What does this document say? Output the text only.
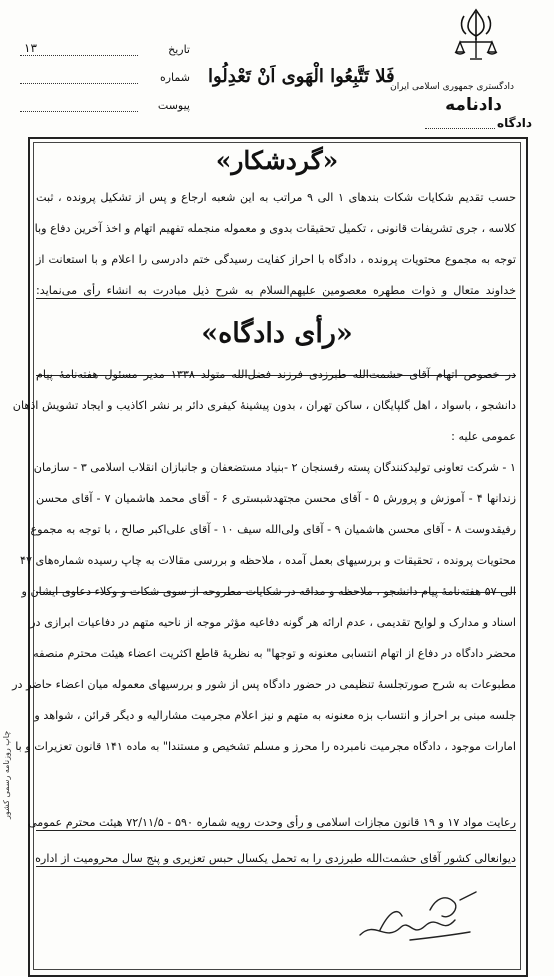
دادگستری جمهوری اسلامی ایران
دادنامه
دادگاه
فَلا تَتَّبِعُوا الْهَوى اَنْ تَعْدِلُوا
تاریخ
۱۳
شماره
پیوست
چاپ روزنامه رسمی کشور
«گردشکار»
حسب تقدیم شکایات شکات بندهای ۱ الی ۹ مراتب به این شعبه ارجاع و پس از تشکیل پرونده ، ثبت
کلاسه ، جری تشریفات قانونی ، تکمیل تحقیقات بدوی و معموله منجمله تفهیم اتهام و اخذ آخرین دفاع وبا
توجه به مجموع محتویات پرونده ، دادگاه با احراز کفایت رسیدگی ختم دادرسی را اعلام و با استعانت از
خداوند متعال و ذوات مطهره معصومین علیهم‌السلام به شرح ذیل مبادرت به انشاء رأی می‌نماید:
«رأی دادگاه»
در خصوص اتهام آقای حشمت‌الله طبرزدی فرزند فضل‌الله متولد ۱۳۳۸ مدیر مسئول هفته‌نامهٔ پیام
دانشجو ، باسواد ، اهل گلپایگان ، ساکن تهران ، بدون پیشینهٔ کیفری دائر بر نشر اکاذیب و ایجاد تشویش اذهان
عمومی علیه :
۱ - شرکت تعاونی تولیدکنندگان پسته رفسنجان ۲ -بنیاد مستضعفان و جانبازان انقلاب اسلامی ۳ - سازمان
زندانها ۴ - آموزش و پرورش ۵ - آقای محسن مجتهدشبستری ۶ - آقای محمد هاشمیان ۷ - آقای محسن
رفیقدوست ۸ - آقای محسن هاشمیان ۹ - آقای ولی‌الله سیف ۱۰ - آقای علی‌اکبر صالح ، با توجه به مجموع
محتویات پرونده ، تحقیقات و بررسیهای بعمل آمده ، ملاحظه و بررسی مقالات به چاپ رسیده شماره‌های ۴۷
الی ۵۷ هفته‌نامهٔ پیام دانشجو ، ملاحظه و مداقه در شکایات مطروحه از سوی شکات و وکلاء دعاوی ایشان و
اسناد و مدارک و لوایح تقدیمی ، عدم ارائه هر گونه دفاعیه مؤثر موجه از ناحیه متهم در دفاعیات ابرازی در
محضر دادگاه در دفاع از اتهام انتسابی معنونه و توجها" به نظریهٔ قاطع اکثریت اعضاء هیئت محترم منصفه
مطبوعات به شرح صورتجلسهٔ تنظیمی در حضور دادگاه پس از شور و بررسیهای معموله میان اعضاء حاضر در
جلسه مبنی بر احراز و انتساب بزه معنونه به متهم و نیز اعلام مجرمیت مشارالیه و دیگر قرائن ، شواهد و
امارات موجود ، دادگاه مجرمیت نامبرده را محرز و مسلم تشخیص و مستندا" به ماده ۱۴۱ قانون تعزیرات و با
رعایت مواد ۱۷ و ۱۹ قانون مجازات اسلامی و رأی وحدت رویه شماره ۵۹۰ - ۷۲/۱۱/۵ هیئت محترم عمومی
دیوانعالی کشور آقای حشمت‌الله طبرزدی را به تحمل یکسال حبس تعزیری و پنج سال محرومیت از اداره
